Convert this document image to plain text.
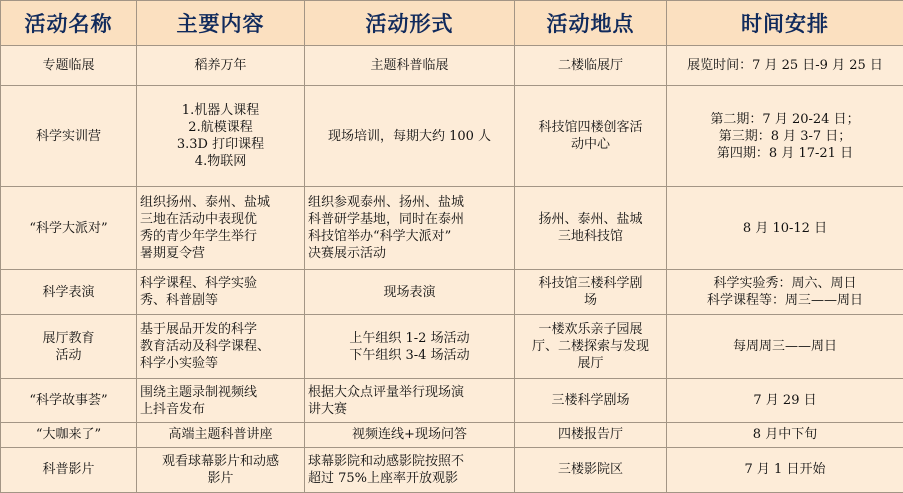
活动名称	主要内容	活动形式	活动地点	时间安排

专题临展	稻养万年	主题科普临展	二楼临展厅	展览时间：7 月 25 日-9 月 25 日

科学实训营	1.机器人课程
2.航模课程
3.3D 打印课程
4.物联网	现场培训，每期大约 100 人	科技馆四楼创客活
动中心	第二期：7 月 20-24 日；
第三期：8 月 3-7 日；
第四期：8 月 17-21 日

“科学大派对”	组织扬州、泰州、盐城
三地在活动中表现优
秀的青少年学生举行
暑期夏令营	组织参观泰州、扬州、盐城
科普研学基地，同时在泰州
科技馆举办“科学大派对”
决赛展示活动	扬州、泰州、盐城
三地科技馆	8 月 10-12 日

科学表演	科学课程、科学实验
秀、科普剧等	现场表演	科技馆三楼科学剧
场	科学实验秀：周六、周日
科学课程等：周三——周日

展厅教育
活动	基于展品开发的科学
教育活动及科学课程、
科学小实验等	上午组织 1-2 场活动
下午组织 3-4 场活动	一楼欢乐亲子园展
厅、二楼探索与发现
展厅	每周周三——周日

“科学故事荟”	围绕主题录制视频线
上抖音发布	根据大众点评量举行现场演
讲大赛	三楼科学剧场	7 月 29 日

“大咖来了”	高端主题科普讲座	视频连线+现场问答	四楼报告厅	8 月中下旬

科普影片	观看球幕影片和动感
影片	球幕影院和动感影院按照不
超过 75%上座率开放观影	三楼影院区	7 月 1 日开始
